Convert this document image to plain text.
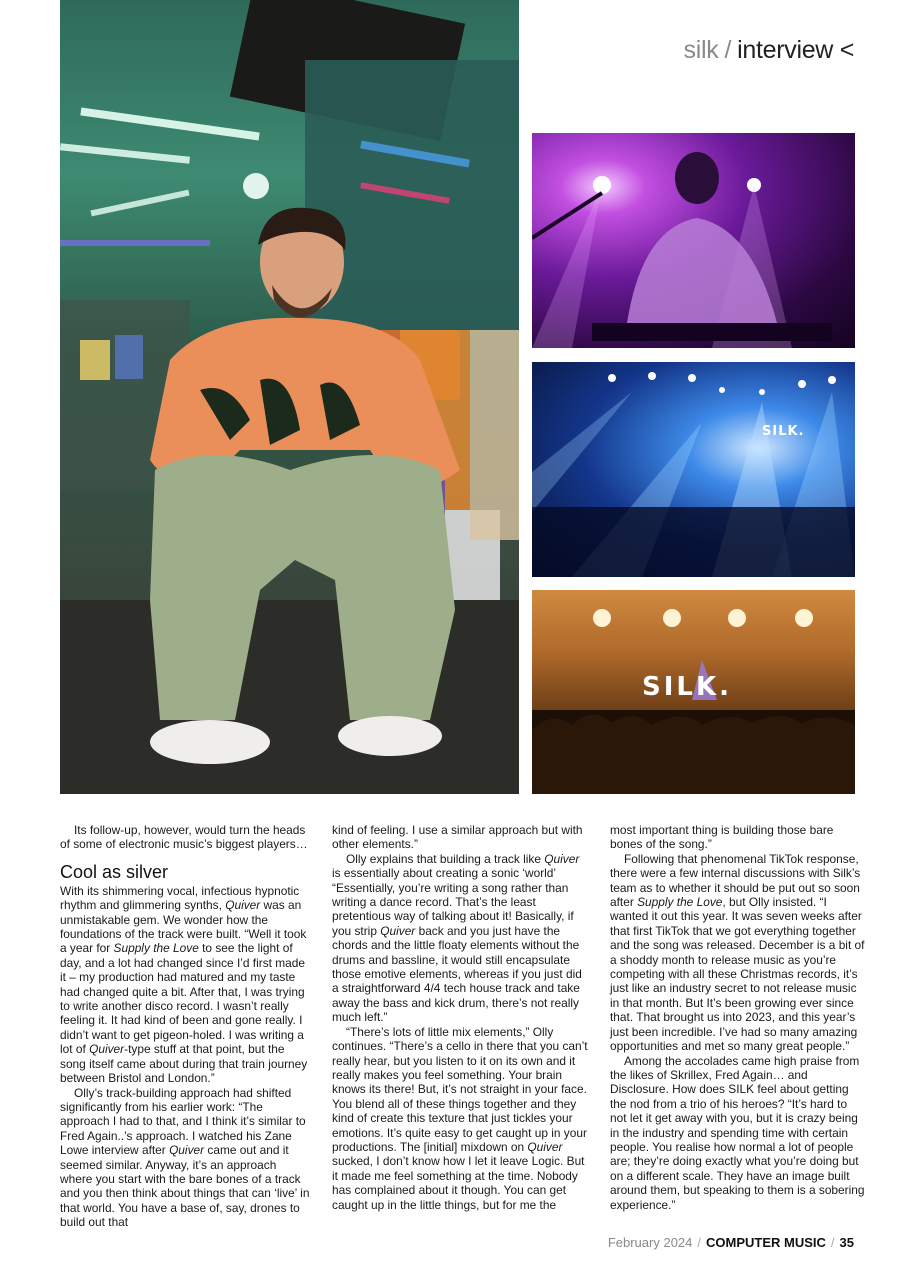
silk / interview <
SILK.
SILK.

Its follow-up, however, would turn the heads of some of electronic music’s biggest players…

Cool as silver

With its shimmering vocal, infectious hypnotic rhythm and glimmering synths, Quiver was an unmistakable gem. We wonder how the foundations of the track were built. “Well it took a year for Supply the Love to see the light of day, and a lot had changed since I’d first made it – my production had matured and my taste had changed quite a bit. After that, I was trying to write another disco record. I wasn’t really feeling it. It had kind of been and gone really. I didn’t want to get pigeon-holed. I was writing a lot of Quiver-type stuff at that point, but the song itself came about during that train journey between Bristol and London.”

Olly’s track-building approach had shifted significantly from his earlier work: “The approach I had to that, and I think it’s similar to Fred Again..’s approach. I watched his Zane Lowe interview after Quiver came out and it seemed similar. Anyway, it’s an approach where you start with the bare bones of a track and you then think about things that can ‘live’ in that world. You have a base of, say, drones to build out that

kind of feeling. I use a similar approach but with other elements.”

Olly explains that building a track like Quiver is essentially about creating a sonic ‘world’ “Essentially, you’re writing a song rather than writing a dance record. That’s the least pretentious way of talking about it! Basically, if you strip Quiver back and you just have the chords and the little floaty elements without the drums and bassline, it would still encapsulate those emotive elements, whereas if you just did a straightforward 4/4 tech house track and take away the bass and kick drum, there’s not really much left.”

“There’s lots of little mix elements,” Olly continues. “There’s a cello in there that you can’t really hear, but you listen to it on its own and it really makes you feel something. Your brain knows its there! But, it’s not straight in your face. You blend all of these things together and they kind of create this texture that just tickles your emotions. It’s quite easy to get caught up in your productions. The [initial] mixdown on Quiver sucked, I don’t know how I let it leave Logic. But it made me feel something at the time. Nobody has complained about it though. You can get caught up in the little things, but for me the

most important thing is building those bare bones of the song.”

Following that phenomenal TikTok response, there were a few internal discussions with Silk’s team as to whether it should be put out so soon after Supply the Love, but Olly insisted. “I wanted it out this year. It was seven weeks after that first TikTok that we got everything together and the song was released. December is a bit of a shoddy month to release music as you’re competing with all these Christmas records, it’s just like an industry secret to not release music in that month. But It’s been growing ever since that. That brought us into 2023, and this year’s just been incredible. I’ve had so many amazing opportunities and met so many great people.”

Among the accolades came high praise from the likes of Skrillex, Fred Again… and Disclosure. How does SILK feel about getting the nod from a trio of his heroes? “It’s hard to not let it get away with you, but it is crazy being in the industry and spending time with certain people. You realise how normal a lot of people are; they’re doing exactly what you’re doing but on a different scale. They have an image built around them, but speaking to them is a sobering experience.”

February 2024 / COMPUTER MUSIC / 35
